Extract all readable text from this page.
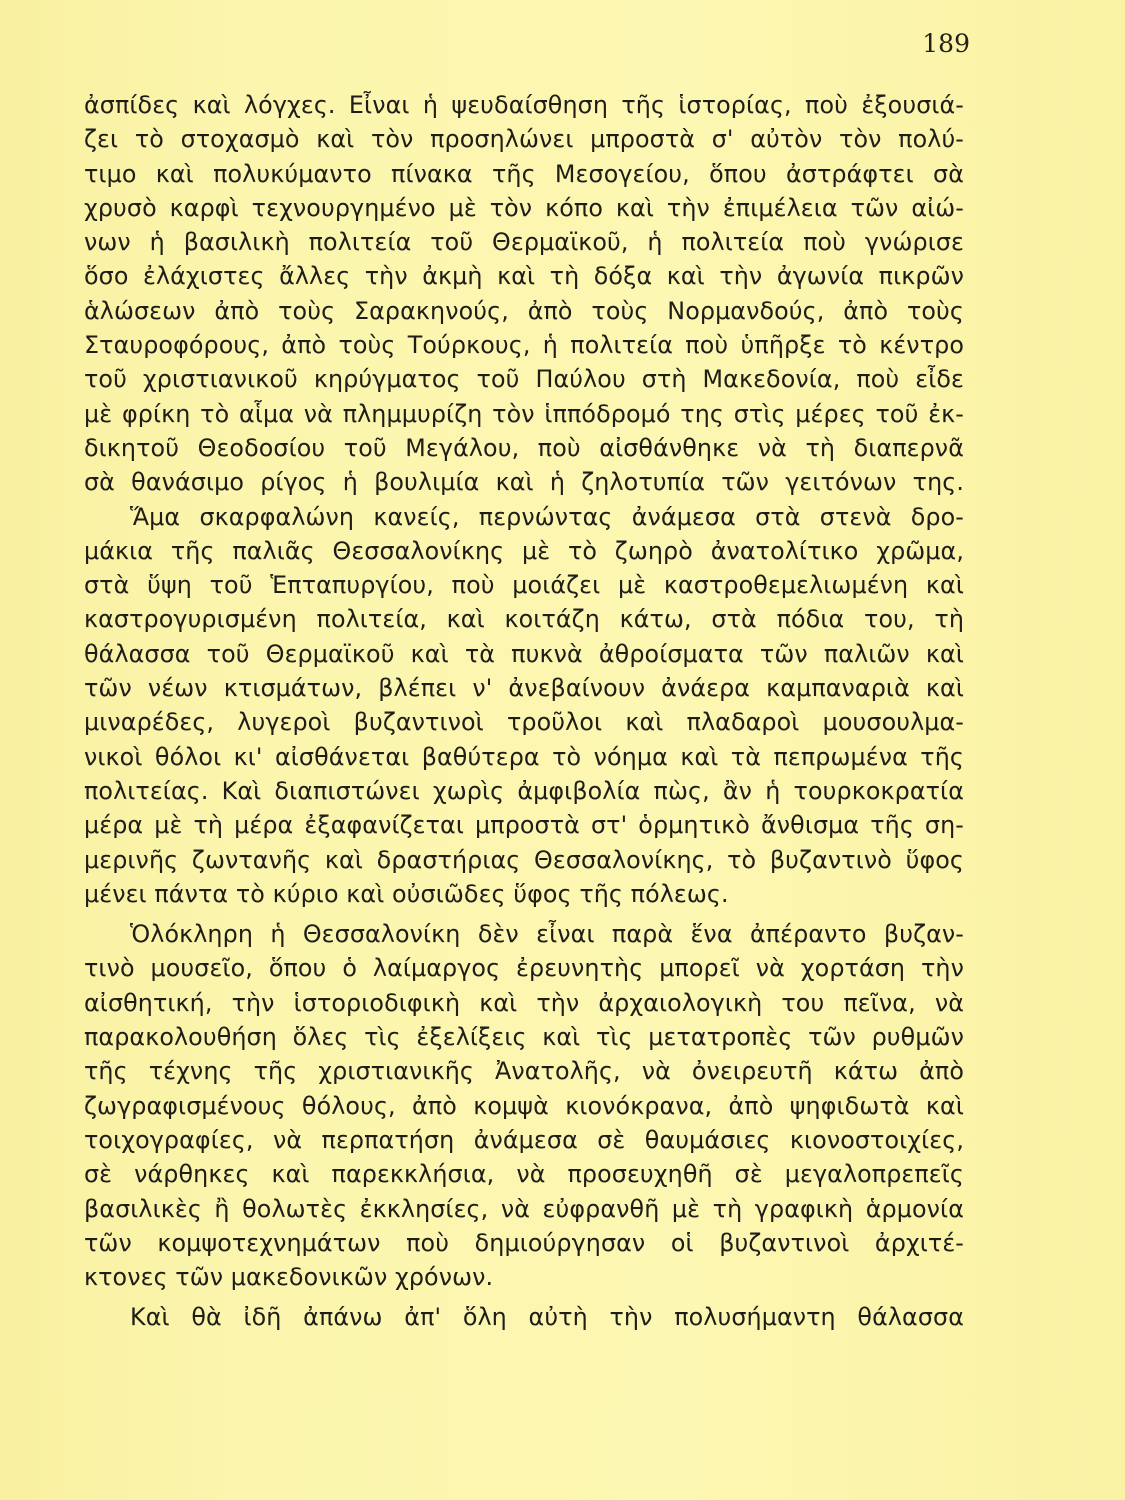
189
ἀσπίδες καὶ λόγχες. Εἶναι ἡ ψευδαίσθηση τῆς ἱστορίας, ποὺ ἐξουσιά-
ζει τὸ στοχασμὸ καὶ τὸν προσηλώνει μπροστὰ σ' αὐτὸν τὸν πολύ-
τιμο καὶ πολυκύμαντο πίνακα τῆς Μεσογείου, ὅπου ἀστράφτει σὰ
χρυσὸ καρφὶ τεχνουργημένο μὲ τὸν κόπο καὶ τὴν ἐπιμέλεια τῶν αἰώ-
νων ἡ βασιλικὴ πολιτεία τοῦ Θερμαϊκοῦ, ἡ πολιτεία ποὺ γνώρισε
ὅσο ἐλάχιστες ἄλλες τὴν ἀκμὴ καὶ τὴ δόξα καὶ τὴν ἀγωνία πικρῶν
ἁλώσεων ἀπὸ τοὺς Σαρακηνούς, ἀπὸ τοὺς Νορμανδούς, ἀπὸ τοὺς
Σταυροφόρους, ἀπὸ τοὺς Τούρκους, ἡ πολιτεία ποὺ ὑπῆρξε τὸ κέντρο
τοῦ χριστιανικοῦ κηρύγματος τοῦ Παύλου στὴ Μακεδονία, ποὺ εἶδε
μὲ φρίκη τὸ αἷμα νὰ πλημμυρίζη τὸν ἱππόδρομό της στὶς μέρες τοῦ ἐκ-
δικητοῦ Θεοδοσίου τοῦ Μεγάλου, ποὺ αἰσθάνθηκε νὰ τὴ διαπερνᾶ
σὰ θανάσιμο ρίγος ἡ βουλιμία καὶ ἡ ζηλοτυπία τῶν γειτόνων της.
Ἅμα σκαρφαλώνη κανείς, περνώντας ἀνάμεσα στὰ στενὰ δρο-
μάκια τῆς παλιᾶς Θεσσαλονίκης μὲ τὸ ζωηρὸ ἀνατολίτικο χρῶμα,
στὰ ὕψη τοῦ Ἑπταπυργίου, ποὺ μοιάζει μὲ καστροθεμελιωμένη καὶ
καστρογυρισμένη πολιτεία, καὶ κοιτάζη κάτω, στὰ πόδια του, τὴ
θάλασσα τοῦ Θερμαϊκοῦ καὶ τὰ πυκνὰ ἀθροίσματα τῶν παλιῶν καὶ
τῶν νέων κτισμάτων, βλέπει ν' ἀνεβαίνουν ἀνάερα καμπαναριὰ καὶ
μιναρέδες, λυγεροὶ βυζαντινοὶ τροῦλοι καὶ πλαδαροὶ μουσουλμα-
νικοὶ θόλοι κι' αἰσθάνεται βαθύτερα τὸ νόημα καὶ τὰ πεπρωμένα τῆς
πολιτείας. Καὶ διαπιστώνει χωρὶς ἀμφιβολία πὼς, ἂν ἡ τουρκοκρατία
μέρα μὲ τὴ μέρα ἐξαφανίζεται μπροστὰ στ' ὁρμητικὸ ἄνθισμα τῆς ση-
μερινῆς ζωντανῆς καὶ δραστήριας Θεσσαλονίκης, τὸ βυζαντινὸ ὕφος
μένει πάντα τὸ κύριο καὶ οὐσιῶδες ὕφος τῆς πόλεως.
Ὁλόκληρη ἡ Θεσσαλονίκη δὲν εἶναι παρὰ ἕνα ἀπέραντο βυζαν-
τινὸ μουσεῖο, ὅπου ὁ λαίμαργος ἐρευνητὴς μπορεῖ νὰ χορτάση τὴν
αἰσθητική, τὴν ἱστοριοδιφικὴ καὶ τὴν ἀρχαιολογικὴ του πεῖνα, νὰ
παρακολουθήση ὅλες τὶς ἐξελίξεις καὶ τὶς μετατροπὲς τῶν ρυθμῶν
τῆς τέχνης τῆς χριστιανικῆς Ἀνατολῆς, νὰ ὀνειρευτῆ κάτω ἀπὸ
ζωγραφισμένους θόλους, ἀπὸ κομψὰ κιονόκρανα, ἀπὸ ψηφιδωτὰ καὶ
τοιχογραφίες, νὰ περπατήση ἀνάμεσα σὲ θαυμάσιες κιονοστοιχίες,
σὲ νάρθηκες καὶ παρεκκλήσια, νὰ προσευχηθῆ σὲ μεγαλοπρεπεῖς
βασιλικὲς ἢ θολωτὲς ἐκκλησίες, νὰ εὐφρανθῆ μὲ τὴ γραφικὴ ἁρμονία
τῶν κομψοτεχνημάτων ποὺ δημιούργησαν οἱ βυζαντινοὶ ἀρχιτέ-
κτονες τῶν μακεδονικῶν χρόνων.
Καὶ θὰ ἰδῆ ἀπάνω ἀπ' ὅλη αὐτὴ τὴν πολυσήμαντη θάλασσα
